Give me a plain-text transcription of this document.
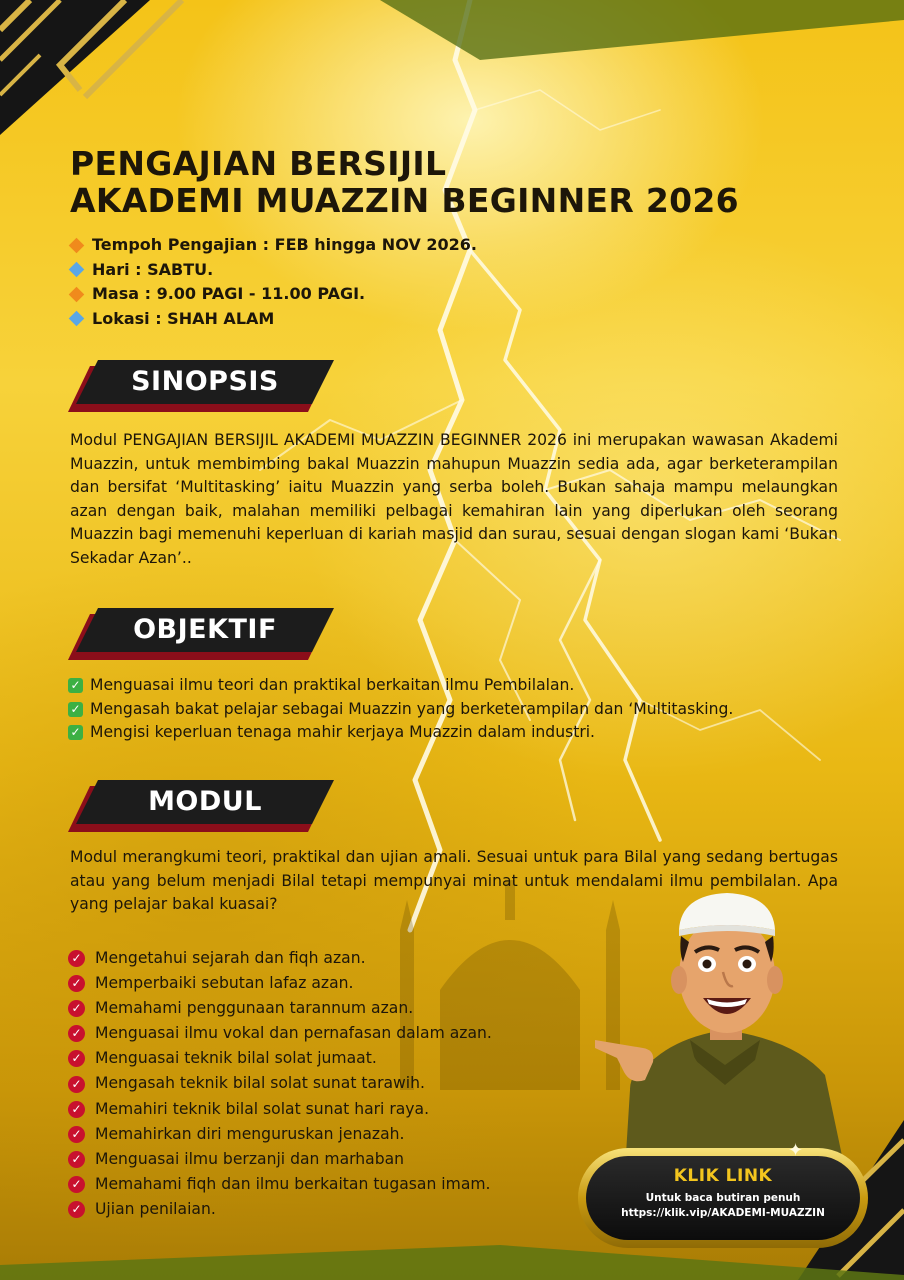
PENGAJIAN BERSIJIL
AKADEMI MUAZZIN BEGINNER 2026
Tempoh Pengajian : FEB hingga NOV 2026.
Hari : SABTU.
Masa : 9.00 PAGI - 11.00 PAGI.
Lokasi : SHAH ALAM
SINOPSIS

Modul PENGAJIAN BERSIJIL AKADEMI MUAZZIN BEGINNER 2026 ini merupakan wawasan Akademi Muazzin, untuk membimbing bakal Muazzin mahupun Muazzin sedia ada, agar berketerampilan dan bersifat ‘Multitasking’ iaitu Muazzin yang serba boleh. Bukan sahaja mampu melaungkan azan dengan baik, malahan memiliki pelbagai kemahiran lain yang diperlukan oleh seorang Muazzin bagi memenuhi keperluan di kariah masjid dan surau, sesuai dengan slogan kami ‘Bukan Sekadar Azan’..

OBJEKTIF
✓ Menguasai ilmu teori dan praktikal berkaitan ilmu Pembilalan.
✓ Mengasah bakat pelajar sebagai Muazzin yang berketerampilan dan ‘Multitasking.
✓ Mengisi keperluan tenaga mahir kerjaya Muazzin dalam industri.
MODUL

Modul merangkumi teori, praktikal dan ujian amali. Sesuai untuk para Bilal yang sedang bertugas atau yang belum menjadi Bilal tetapi mempunyai minat untuk mendalami ilmu pembilalan. Apa yang pelajar bakal kuasai?

✓ Mengetahui sejarah dan fiqh azan.
✓ Memperbaiki sebutan lafaz azan.
✓ Memahami penggunaan tarannum azan.
✓ Menguasai ilmu vokal dan pernafasan dalam azan.
✓ Menguasai teknik bilal solat jumaat.
✓ Mengasah teknik bilal solat sunat tarawih.
✓ Memahiri teknik bilal solat sunat hari raya.
✓ Memahirkan diri menguruskan jenazah.
✓ Menguasai ilmu berzanji dan marhaban
✓ Memahami fiqh dan ilmu berkaitan tugasan imam.
✓ Ujian penilaian.
KLIK LINK
Untuk baca butiran penuh
https://klik.vip/AKADEMI-MUAZZIN
✦
